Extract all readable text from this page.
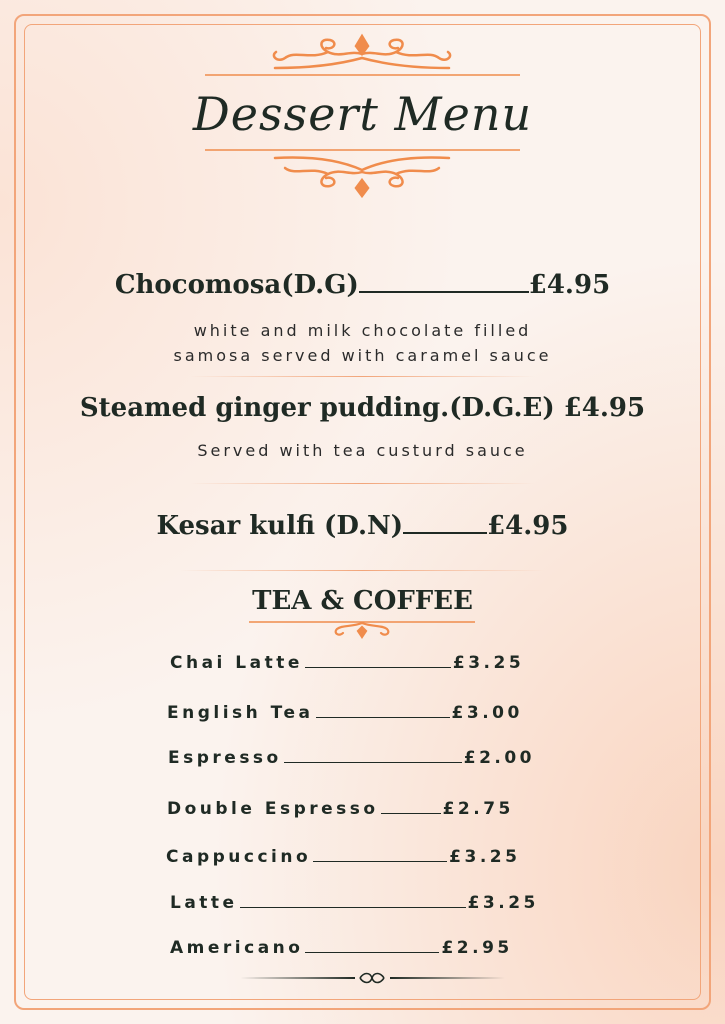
Dessert Menu
Chocomosa(D.G)	£4.95
white and milk chocolate filled
samosa served with caramel sauce
Steamed ginger pudding.(D.G.E) £4.95
Served with tea custurd sauce
Kesar kulfi (D.N)	£4.95
TEA & COFFEE
Chai Latte	£3.25
English Tea	£3.00
Espresso	£2.00
Double Espresso	£2.75
Cappuccino	£3.25
Latte	£3.25
Americano	£2.95
